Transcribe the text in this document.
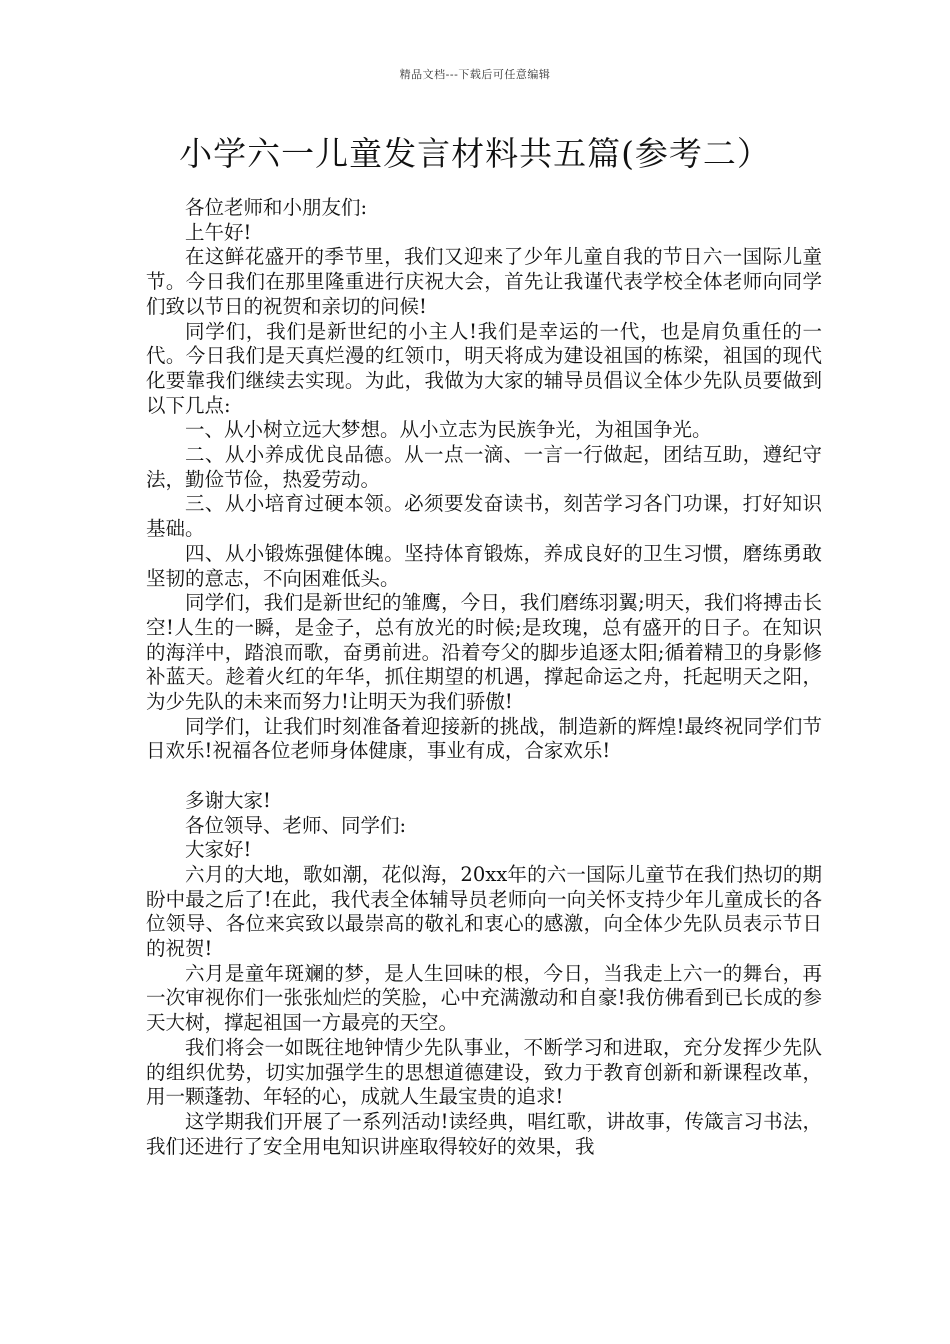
精品文档---下载后可任意编辑
小学六一儿童发言材料共五篇(参考二）

各位老师和小朋友们:

上午好!

在这鲜花盛开的季节里，我们又迎来了少年儿童自我的节日六一国际儿童节。今日我们在那里隆重进行庆祝大会，首先让我谨代表学校全体老师向同学们致以节日的祝贺和亲切的问候!

同学们，我们是新世纪的小主人!我们是幸运的一代，也是肩负重任的一代。今日我们是天真烂漫的红领巾，明天将成为建设祖国的栋梁，祖国的现代化要靠我们继续去实现。为此，我做为大家的辅导员倡议全体少先队员要做到以下几点:

一、从小树立远大梦想。从小立志为民族争光，为祖国争光。

二、从小养成优良品德。从一点一滴、一言一行做起，团结互助，遵纪守法，勤俭节俭，热爱劳动。

三、从小培育过硬本领。必须要发奋读书，刻苦学习各门功课，打好知识基础。

四、从小锻炼强健体魄。坚持体育锻炼，养成良好的卫生习惯，磨练勇敢坚韧的意志，不向困难低头。

同学们，我们是新世纪的雏鹰，今日，我们磨练羽翼;明天，我们将搏击长空!人生的一瞬，是金子，总有放光的时候;是玫瑰，总有盛开的日子。在知识的海洋中，踏浪而歌，奋勇前进。沿着夸父的脚步追逐太阳;循着精卫的身影修补蓝天。趁着火红的年华，抓住期望的机遇，撑起命运之舟，托起明天之阳，为少先队的未来而努力!让明天为我们骄傲!

同学们，让我们时刻准备着迎接新的挑战，制造新的辉煌!最终祝同学们节日欢乐!祝福各位老师身体健康，事业有成，合家欢乐!

多谢大家!

各位领导、老师、同学们:

大家好!

六月的大地，歌如潮，花似海，20xx年的六一国际儿童节在我们热切的期盼中最之后了!在此，我代表全体辅导员老师向一向关怀支持少年儿童成长的各位领导、各位来宾致以最崇高的敬礼和衷心的感激，向全体少先队员表示节日的祝贺!

六月是童年斑斓的梦，是人生回味的根，今日，当我走上六一的舞台，再一次审视你们一张张灿烂的笑脸，心中充满激动和自豪!我仿佛看到已长成的参天大树，撑起祖国一方最亮的天空。

我们将会一如既往地钟情少先队事业，不断学习和进取，充分发挥少先队的组织优势，切实加强学生的思想道德建设，致力于教育创新和新课程改革，用一颗蓬勃、年轻的心，成就人生最宝贵的追求!

这学期我们开展了一系列活动!读经典，唱红歌，讲故事，传箴言习书法，我们还进行了安全用电知识讲座取得较好的效果，我
